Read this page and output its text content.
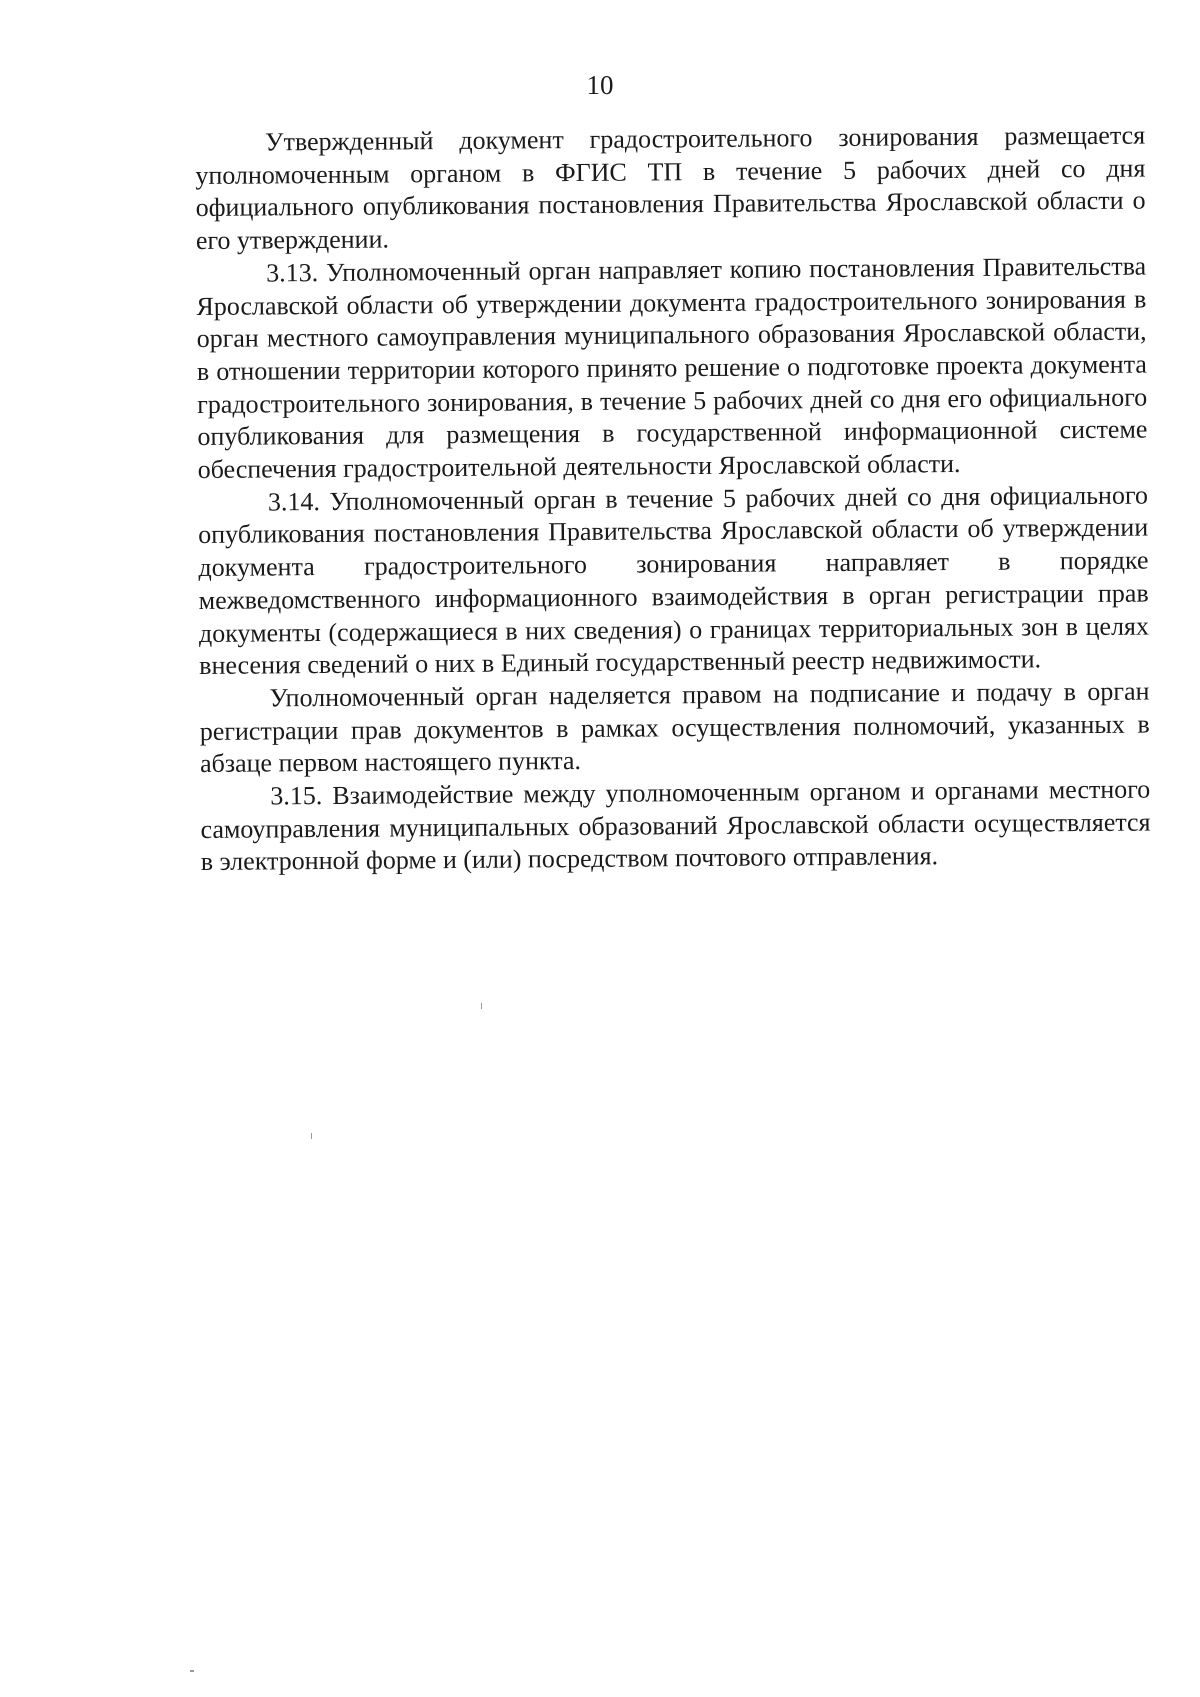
10

Утвержденный документ градостроительного зонирования размещается уполномоченным органом в ФГИС ТП в течение 5 рабочих дней со дня официального опубликования постановления Правительства Ярославской области о его утверждении.

3.13. Уполномоченный орган направляет копию постановления Правительства Ярославской области об утверждении документа градостроительного зонирования в орган местного самоуправления муниципального образования Ярославской области, в отношении территории которого принято решение о подготовке проекта документа градостроительного зонирования, в течение 5 рабочих дней со дня его официального опубликования для размещения в государственной информационной системе обеспечения градостроительной деятельности Ярославской области.

3.14. Уполномоченный орган в течение 5 рабочих дней со дня официального опубликования постановления Правительства Ярославской области об утверждении документа градостроительного зонирования направляет в порядке межведомственного информационного взаимодействия в орган регистрации прав документы (содержащиеся в них сведения) о границах территориальных зон в целях внесения сведений о них в Единый государственный реестр недвижимости.

Уполномоченный орган наделяется правом на подписание и подачу в орган регистрации прав документов в рамках осуществления полномочий, указанных в абзаце первом настоящего пункта.

3.15. Взаимодействие между уполномоченным органом и органами местного самоуправления муниципальных образований Ярославской области осуществляется в электронной форме и (или) посредством почтового отправления.
